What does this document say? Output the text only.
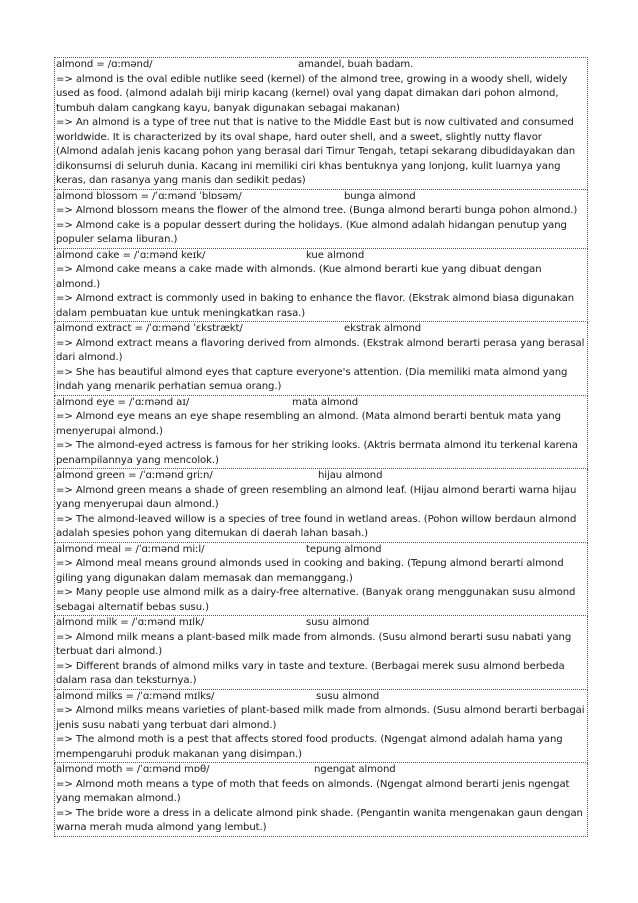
almond = /ɑ:mənd/	amandel, buah badam.
=> almond is the oval edible nutlike seed (kernel) of the almond tree, growing in a woody shell, widely used as food. (almond adalah biji mirip kacang (kernel) oval yang dapat dimakan dari pohon almond, tumbuh dalam cangkang kayu, banyak digunakan sebagai makanan)
=> An almond is a type of tree nut that is native to the Middle East but is now cultivated and consumed worldwide. It is characterized by its oval shape, hard outer shell, and a sweet, slightly nutty flavor (Almond adalah jenis kacang pohon yang berasal dari Timur Tengah, tetapi sekarang dibudidayakan dan dikonsumsi di seluruh dunia. Kacang ini memiliki ciri khas bentuknya yang lonjong, kulit luarnya yang keras, dan rasanya yang manis dan sedikit pedas)
almond blossom = /ˈɑːmənd ˈblɒsəm/	bunga almond
=> Almond blossom means the flower of the almond tree. (Bunga almond berarti bunga pohon almond.)
=> Almond cake is a popular dessert during the holidays. (Kue almond adalah hidangan penutup yang populer selama liburan.)
almond cake = /ˈɑːmənd keɪk/	kue almond
=> Almond cake means a cake made with almonds. (Kue almond berarti kue yang dibuat dengan almond.)
=> Almond extract is commonly used in baking to enhance the flavor. (Ekstrak almond biasa digunakan dalam pembuatan kue untuk meningkatkan rasa.)
almond extract = /ˈɑːmənd ˈɛkstrækt/	ekstrak almond
=> Almond extract means a flavoring derived from almonds. (Ekstrak almond berarti perasa yang berasal dari almond.)
=> She has beautiful almond eyes that capture everyone's attention. (Dia memiliki mata almond yang indah yang menarik perhatian semua orang.)
almond eye = /ˈɑːmənd aɪ/	mata almond
=> Almond eye means an eye shape resembling an almond. (Mata almond berarti bentuk mata yang menyerupai almond.)
=> The almond-eyed actress is famous for her striking looks. (Aktris bermata almond itu terkenal karena penampilannya yang mencolok.)
almond green = /ˈɑːmənd griːn/	hijau almond
=> Almond green means a shade of green resembling an almond leaf. (Hijau almond berarti warna hijau yang menyerupai daun almond.)
=> The almond-leaved willow is a species of tree found in wetland areas. (Pohon willow berdaun almond adalah spesies pohon yang ditemukan di daerah lahan basah.)
almond meal = /ˈɑːmənd miːl/	tepung almond
=> Almond meal means ground almonds used in cooking and baking. (Tepung almond berarti almond giling yang digunakan dalam memasak dan memanggang.)
=> Many people use almond milk as a dairy-free alternative. (Banyak orang menggunakan susu almond sebagai alternatif bebas susu.)
almond milk = /ˈɑːmənd mɪlk/	susu almond
=> Almond milk means a plant-based milk made from almonds. (Susu almond berarti susu nabati yang terbuat dari almond.)
=> Different brands of almond milks vary in taste and texture. (Berbagai merek susu almond berbeda dalam rasa dan teksturnya.)
almond milks = /ˈɑːmənd mɪlks/	susu almond
=> Almond milks means varieties of plant-based milk made from almonds. (Susu almond berarti berbagai jenis susu nabati yang terbuat dari almond.)
=> The almond moth is a pest that affects stored food products. (Ngengat almond adalah hama yang mempengaruhi produk makanan yang disimpan.)
almond moth = /ˈɑːmənd mɒθ/	ngengat almond
=> Almond moth means a type of moth that feeds on almonds. (Ngengat almond berarti jenis ngengat yang memakan almond.)
=> The bride wore a dress in a delicate almond pink shade. (Pengantin wanita mengenakan gaun dengan warna merah muda almond yang lembut.)
